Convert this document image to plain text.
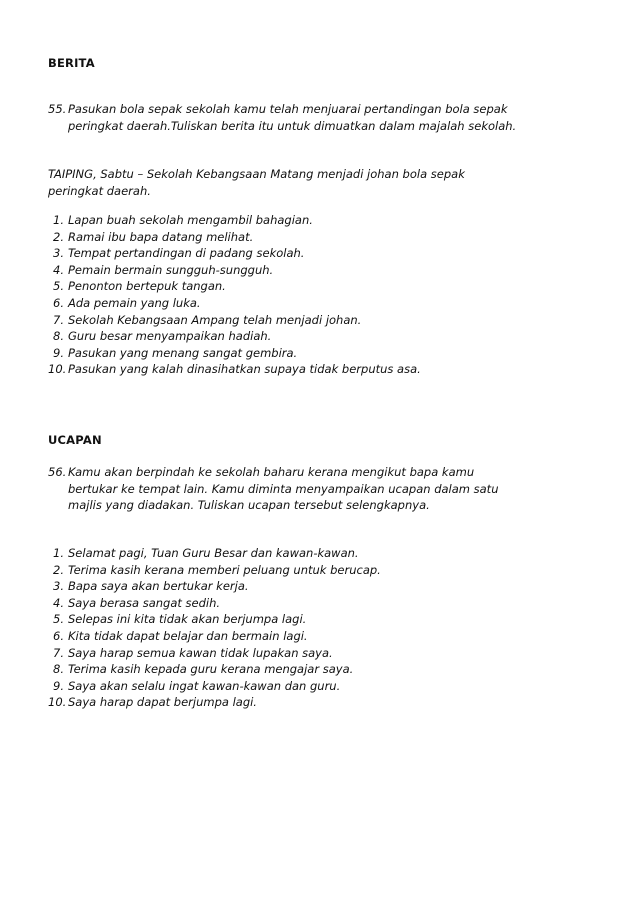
BERITA
55. Pasukan bola sepak sekolah kamu telah menjuarai pertandingan bola sepak peringkat daerah.Tuliskan berita itu untuk dimuatkan dalam majalah sekolah.
TAIPING, Sabtu – Sekolah Kebangsaan Matang menjadi johan bola sepak peringkat daerah.
1. Lapan buah sekolah mengambil bahagian.
2. Ramai ibu bapa datang melihat.
3. Tempat pertandingan di padang sekolah.
4. Pemain bermain sungguh-sungguh.
5. Penonton bertepuk tangan.
6. Ada pemain yang luka.
7. Sekolah Kebangsaan Ampang telah menjadi johan.
8. Guru besar menyampaikan hadiah.
9. Pasukan yang menang sangat gembira.
10. Pasukan yang kalah dinasihatkan supaya tidak berputus asa.
UCAPAN
56. Kamu akan berpindah ke sekolah baharu kerana mengikut bapa kamu bertukar ke tempat lain. Kamu diminta menyampaikan ucapan dalam satu majlis yang diadakan. Tuliskan ucapan tersebut selengkapnya.
1. Selamat pagi, Tuan Guru Besar dan kawan-kawan.
2. Terima kasih kerana memberi peluang untuk berucap.
3. Bapa saya akan bertukar kerja.
4. Saya berasa sangat sedih.
5. Selepas ini kita tidak akan berjumpa lagi.
6. Kita tidak dapat belajar dan bermain lagi.
7. Saya harap semua kawan tidak lupakan saya.
8. Terima kasih kepada guru kerana mengajar saya.
9. Saya akan selalu ingat kawan-kawan dan guru.
10. Saya harap dapat berjumpa lagi.
